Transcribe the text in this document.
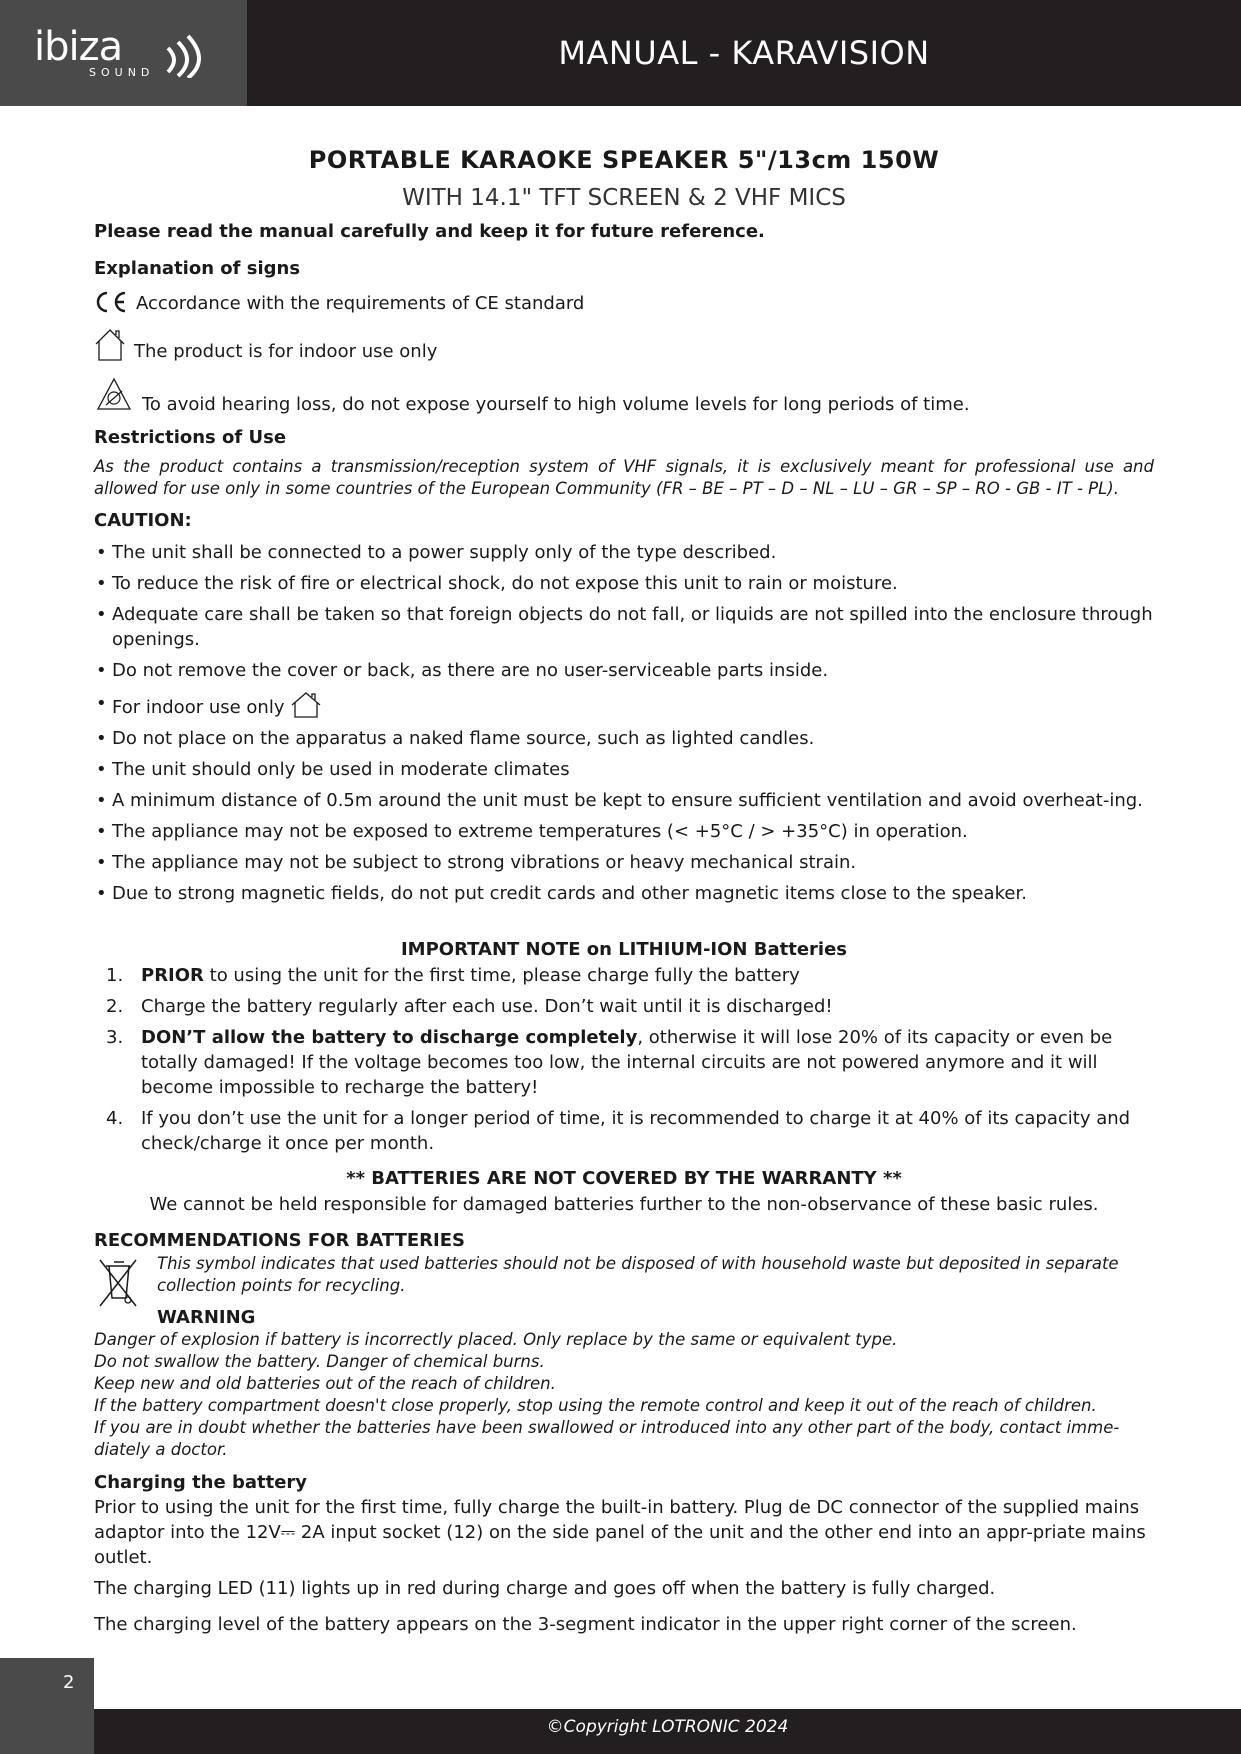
ibiza
SOUND
MANUAL - KARAVISION
PORTABLE KARAOKE SPEAKER 5"/13cm 150W
WITH 14.1" TFT SCREEN & 2 VHF MICS
Please read the manual carefully and keep it for future reference.
Explanation of signs
Accordance with the requirements of CE standard
The product is for indoor use only
To avoid hearing loss, do not expose yourself to high volume levels for long periods of time.
Restrictions of Use
As the product contains a transmission/reception system of VHF signals, it is exclusively meant for professional use and allowed for use only in some countries of the European Community (FR – BE – PT – D – NL – LU – GR – SP – RO - GB - IT - PL).
CAUTION:
• The unit shall be connected to a power supply only of the type described.
• To reduce the risk of fire or electrical shock, do not expose this unit to rain or moisture.
• Adequate care shall be taken so that foreign objects do not fall, or liquids are not spilled into the enclosure through openings.
• Do not remove the cover or back, as there are no user-serviceable parts inside.
• For indoor use only
• Do not place on the apparatus a naked flame source, such as lighted candles.
• The unit should only be used in moderate climates
• A minimum distance of 0.5m around the unit must be kept to ensure sufficient ventilation and avoid overheat-ing.
• The appliance may not be exposed to extreme temperatures (< +5°C / > +35°C) in operation.
• The appliance may not be subject to strong vibrations or heavy mechanical strain.
• Due to strong magnetic fields, do not put credit cards and other magnetic items close to the speaker.
IMPORTANT NOTE on LITHIUM-ION Batteries
1. PRIOR to using the unit for the first time, please charge fully the battery
2. Charge the battery regularly after each use. Don’t wait until it is discharged!
3. DON’T allow the battery to discharge completely, otherwise it will lose 20% of its capacity or even be totally damaged! If the voltage becomes too low, the internal circuits are not powered anymore and it will become impossible to recharge the battery!
4. If you don’t use the unit for a longer period of time, it is recommended to charge it at 40% of its capacity and check/charge it once per month.
** BATTERIES ARE NOT COVERED BY THE WARRANTY **
We cannot be held responsible for damaged batteries further to the non-observance of these basic rules.
RECOMMENDATIONS FOR BATTERIES
This symbol indicates that used batteries should not be disposed of with household waste but deposited in separate collection points for recycling.
WARNING
Danger of explosion if battery is incorrectly placed. Only replace by the same or equivalent type.
Do not swallow the battery. Danger of chemical burns.
Keep new and old batteries out of the reach of children.
If the battery compartment doesn't close properly, stop using the remote control and keep it out of the reach of children.
If you are in doubt whether the batteries have been swallowed or introduced into any other part of the body, contact imme-diately a doctor.
Charging the battery
Prior to using the unit for the first time, fully charge the built-in battery. Plug de DC connector of the supplied mains adaptor into the 12V⎓ 2A input socket (12) on the side panel of the unit and the other end into an appr-priate mains outlet.
The charging LED (11) lights up in red during charge and goes off when the battery is fully charged.
The charging level of the battery appears on the 3-segment indicator in the upper right corner of the screen.
2
©Copyright LOTRONIC 2024
